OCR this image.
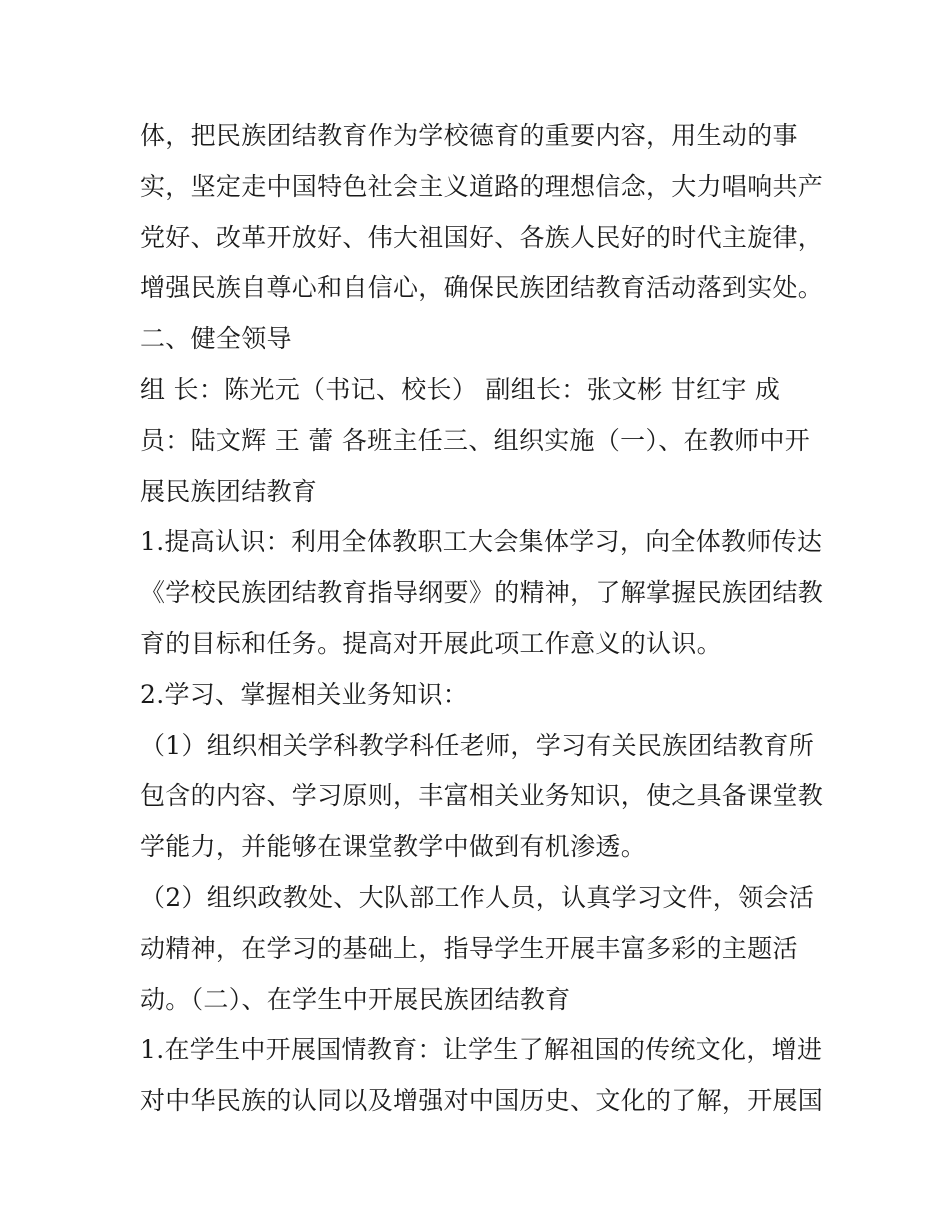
体，把民族团结教育作为学校德育的重要内容，用生动的事
实，坚定走中国特色社会主义道路的理想信念，大力唱响共产
党好、改革开放好、伟大祖国好、各族人民好的时代主旋律，
增强民族自尊心和自信心，确保民族团结教育活动落到实处。
二、健全领导
组 长：陈光元（书记、校长） 副组长：张文彬 甘红宇 成
员：陆文辉 王 蕾 各班主任三、组织实施（一）、在教师中开
展民族团结教育
1.提高认识：利用全体教职工大会集体学习，向全体教师传达
《学校民族团结教育指导纲要》的精神，了解掌握民族团结教
育的目标和任务。提高对开展此项工作意义的认识。
2.学习、掌握相关业务知识：
（1）组织相关学科教学科任老师，学习有关民族团结教育所
包含的内容、学习原则，丰富相关业务知识，使之具备课堂教
学能力，并能够在课堂教学中做到有机渗透。
（2）组织政教处、大队部工作人员，认真学习文件，领会活
动精神，在学习的基础上，指导学生开展丰富多彩的主题活
动。（二）、在学生中开展民族团结教育
1.在学生中开展国情教育：让学生了解祖国的传统文化，增进
对中华民族的认同以及增强对中国历史、文化的了解，开展国
